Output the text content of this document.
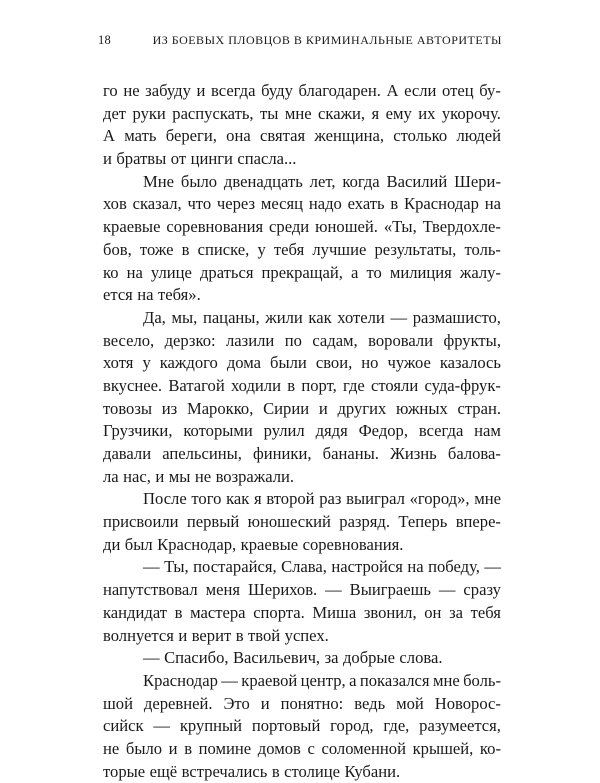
18	ИЗ БОЕВЫХ ПЛОВЦОВ В КРИМИНАЛЬНЫЕ АВТОРИТЕТЫ
го не забуду и всегда буду благодарен. А если отец бу-
дет руки распускать, ты мне скажи, я ему их укорочу.
А мать береги, она святая женщина, столько людей
и братвы от цинги спасла...
Мне было двенадцать лет, когда Василий Шери-
хов сказал, что через месяц надо ехать в Краснодар на
краевые соревнования среди юношей. «Ты, Твердохле-
бов, тоже в списке, у тебя лучшие результаты, толь-
ко на улице драться прекращай, а то милиция жалу-
ется на тебя».
Да, мы, пацаны, жили как хотели — размашисто,
весело, дерзко: лазили по садам, воровали фрукты,
хотя у каждого дома были свои, но чужое казалось
вкуснее. Ватагой ходили в порт, где стояли суда-фрук-
товозы из Марокко, Сирии и других южных стран.
Грузчики, которыми рулил дядя Федор, всегда нам
давали апельсины, финики, бананы. Жизнь балова-
ла нас, и мы не возражали.
После того как я второй раз выиграл «город», мне
присвоили первый юношеский разряд. Теперь впере-
ди был Краснодар, краевые соревнования.
— Ты, постарайся, Слава, настройся на победу, —
напутствовал меня Шерихов. — Выиграешь — сразу
кандидат в мастера спорта. Миша звонил, он за тебя
волнуется и верит в твой успех.
— Спасибо, Васильевич, за добрые слова.
Краснодар — краевой центр, а показался мне боль-
шой деревней. Это и понятно: ведь мой Новорос-
сийск — крупный портовый город, где, разумеется,
не было и в помине домов с соломенной крышей, ко-
торые ещё встречались в столице Кубани.
